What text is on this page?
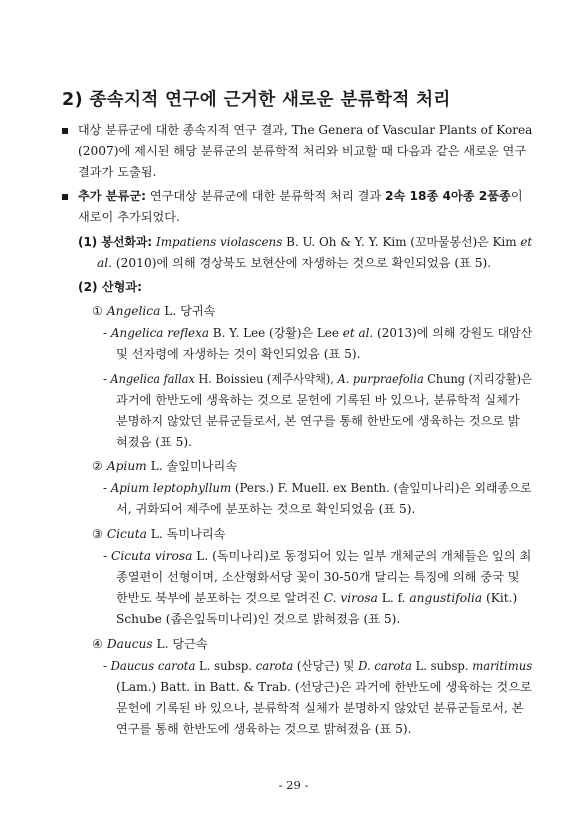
2) 종속지적 연구에 근거한 새로운 분류학적 처리
대상 분류군에 대한 종속지적 연구 결과, The Genera of Vascular Plants of Korea
(2007)에 제시된 해당 분류군의 분류학적 처리와 비교할 때 다음과 같은 새로운 연구
결과가 도출됨.
추가 분류군: 연구대상 분류군에 대한 분류학적 처리 결과 2속 18종 4아종 2품종이
새로이 추가되었다.
(1) 봉선화과: Impatiens violascens B. U. Oh & Y. Y. Kim (꼬마물봉선)은 Kim et
al. (2010)에 의해 경상북도 보현산에 자생하는 것으로 확인되었음 (표 5).
(2) 산형과:
① Angelica L. 당귀속
- Angelica reflexa B. Y. Lee (강활)은 Lee et al. (2013)에 의해 강원도 대암산
및 선자령에 자생하는 것이 확인되었음 (표 5).
- Angelica fallax H. Boissieu (제주사약채), A. purpraefolia Chung (지리강활)은
과거에 한반도에 생육하는 것으로 문헌에 기록된 바 있으나, 분류학적 실체가
분명하지 않았던 분류군들로서, 본 연구를 통해 한반도에 생육하는 것으로 밝
혀졌음 (표 5).
② Apium L. 솔잎미나리속
- Apium leptophyllum (Pers.) F. Muell. ex Benth. (솔잎미나리)은 외래종으로
서, 귀화되어 제주에 분포하는 것으로 확인되었음 (표 5).
③ Cicuta L. 독미나리속
- Cicuta virosa L. (독미나리)로 동정되어 있는 일부 개체군의 개체들은 잎의 최
종열편이 선형이며, 소산형화서당 꽃이 30-50개 달리는 특징에 의해 중국 및
한반도 북부에 분포하는 것으로 알려진 C. virosa L. f. angustifolia (Kit.)
Schube (좁은잎독미나리)인 것으로 밝혀졌음 (표 5).
④ Daucus L. 당근속
- Daucus carota L. subsp. carota (산당근) 및 D. carota L. subsp. maritimus
(Lam.) Batt. in Batt. & Trab. (선당근)은 과거에 한반도에 생육하는 것으로
문헌에 기록된 바 있으나, 분류학적 실체가 분명하지 않았던 분류군들로서, 본
연구를 통해 한반도에 생육하는 것으로 밝혀졌음 (표 5).
- 29 -
